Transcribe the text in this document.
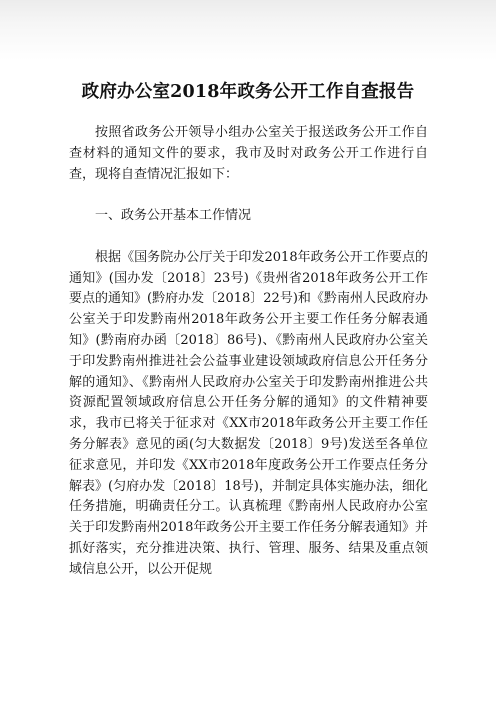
政府办公室2018年政务公开工作自查报告

按照省政务公开领导小组办公室关于报送政务公开工作自查材料的通知文件的要求，我市及时对政务公开工作进行自查，现将自查情况汇报如下：

一、政务公开基本工作情况

根据《国务院办公厅关于印发2018年政务公开工作要点的通知》(国办发〔2018〕23号)《贵州省2018年政务公开工作要点的通知》(黔府办发〔2018〕22号)和《黔南州人民政府办公室关于印发黔南州2018年政务公开主要工作任务分解表通知》(黔南府办函〔2018〕86号)、《黔南州人民政府办公室关于印发黔南州推进社会公益事业建设领域政府信息公开任务分解的通知》、《黔南州人民政府办公室关于印发黔南州推进公共资源配置领域政府信息公开任务分解的通知》的文件精神要求，我市已将关于征求对《XX市2018年政务公开主要工作任务分解表》意见的函(匀大数据发〔2018〕9号)发送至各单位征求意见，并印发《XX市2018年度政务公开工作要点任务分解表》(匀府办发〔2018〕18号)，并制定具体实施办法，细化任务措施，明确责任分工。认真梳理《黔南州人民政府办公室关于印发黔南州2018年政务公开主要工作任务分解表通知》并抓好落实，充分推进决策、执行、管理、服务、结果及重点领域信息公开，以公开促规
